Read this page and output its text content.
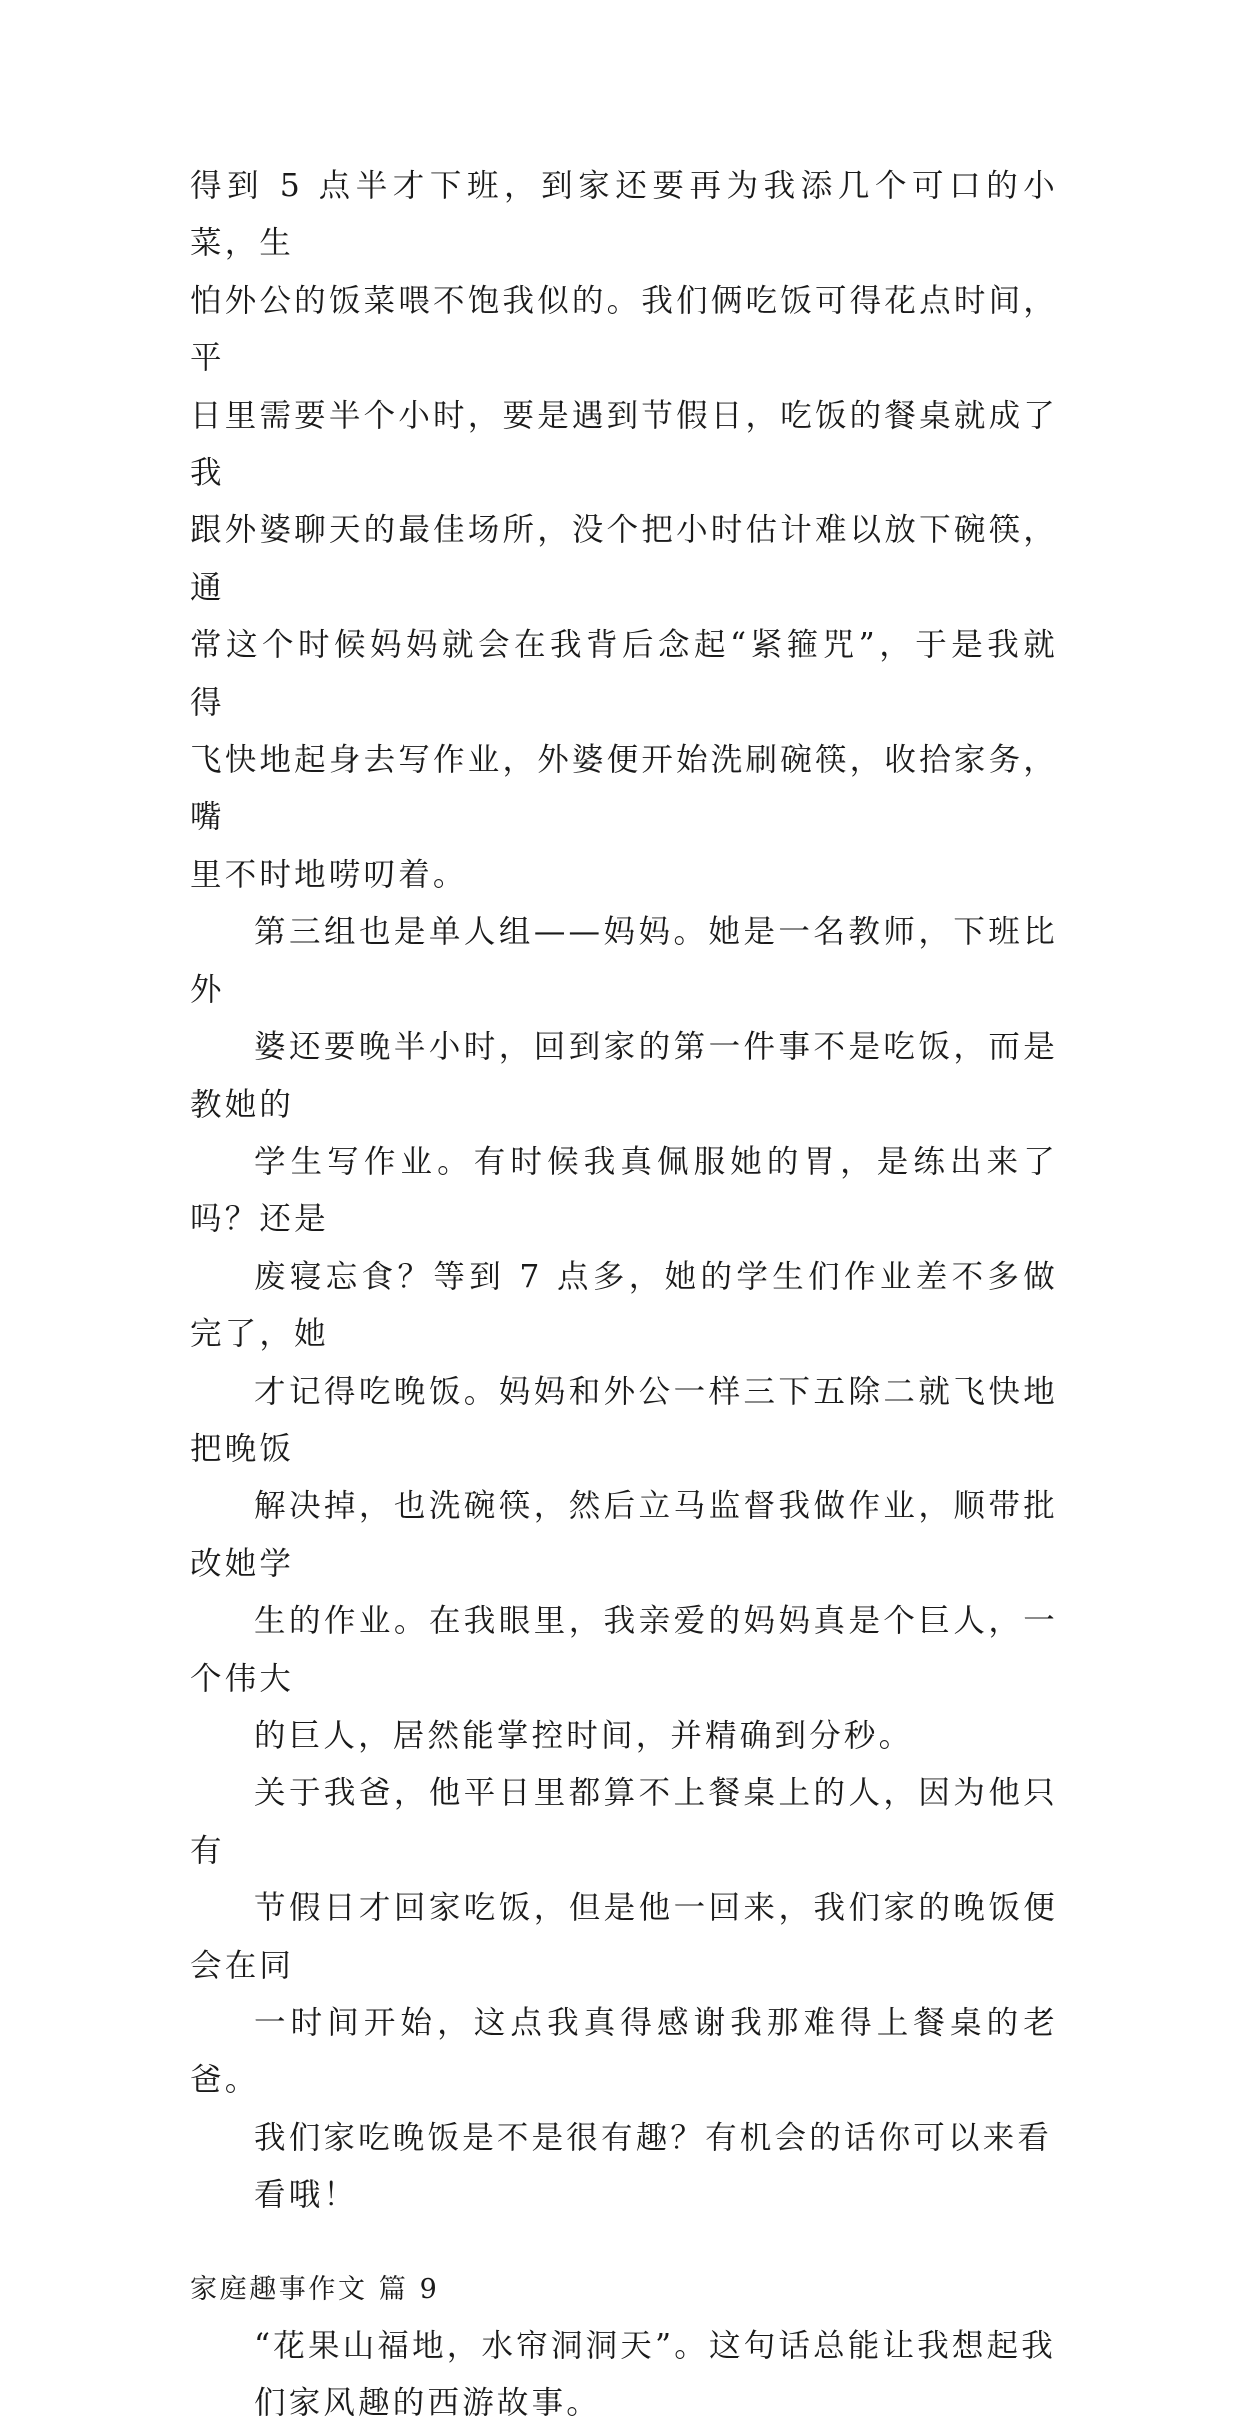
得到 5 点半才下班，到家还要再为我添几个可口的小菜，生
怕外公的饭菜喂不饱我似的。我们俩吃饭可得花点时间，平
日里需要半个小时，要是遇到节假日，吃饭的餐桌就成了我
跟外婆聊天的最佳场所，没个把小时估计难以放下碗筷，通
常这个时候妈妈就会在我背后念起“紧箍咒”，于是我就得
飞快地起身去写作业，外婆便开始洗刷碗筷，收拾家务，嘴
里不时地唠叨着。

第三组也是单人组——妈妈。她是一名教师，下班比外
婆还要晚半小时，回到家的第一件事不是吃饭，而是教她的
学生写作业。有时候我真佩服她的胃，是练出来了吗？还是
废寝忘食？等到 7 点多，她的学生们作业差不多做完了，她
才记得吃晚饭。妈妈和外公一样三下五除二就飞快地把晚饭
解决掉，也洗碗筷，然后立马监督我做作业，顺带批改她学
生的作业。在我眼里，我亲爱的妈妈真是个巨人，一个伟大
的巨人，居然能掌控时间，并精确到分秒。

关于我爸，他平日里都算不上餐桌上的人，因为他只有
节假日才回家吃饭，但是他一回来，我们家的晚饭便会在同
一时间开始，这点我真得感谢我那难得上餐桌的老爸。

我们家吃晚饭是不是很有趣？有机会的话你可以来看
看哦！

家庭趣事作文 篇 9

“花果山福地，水帘洞洞天”。这句话总能让我想起我
们家风趣的西游故事。
